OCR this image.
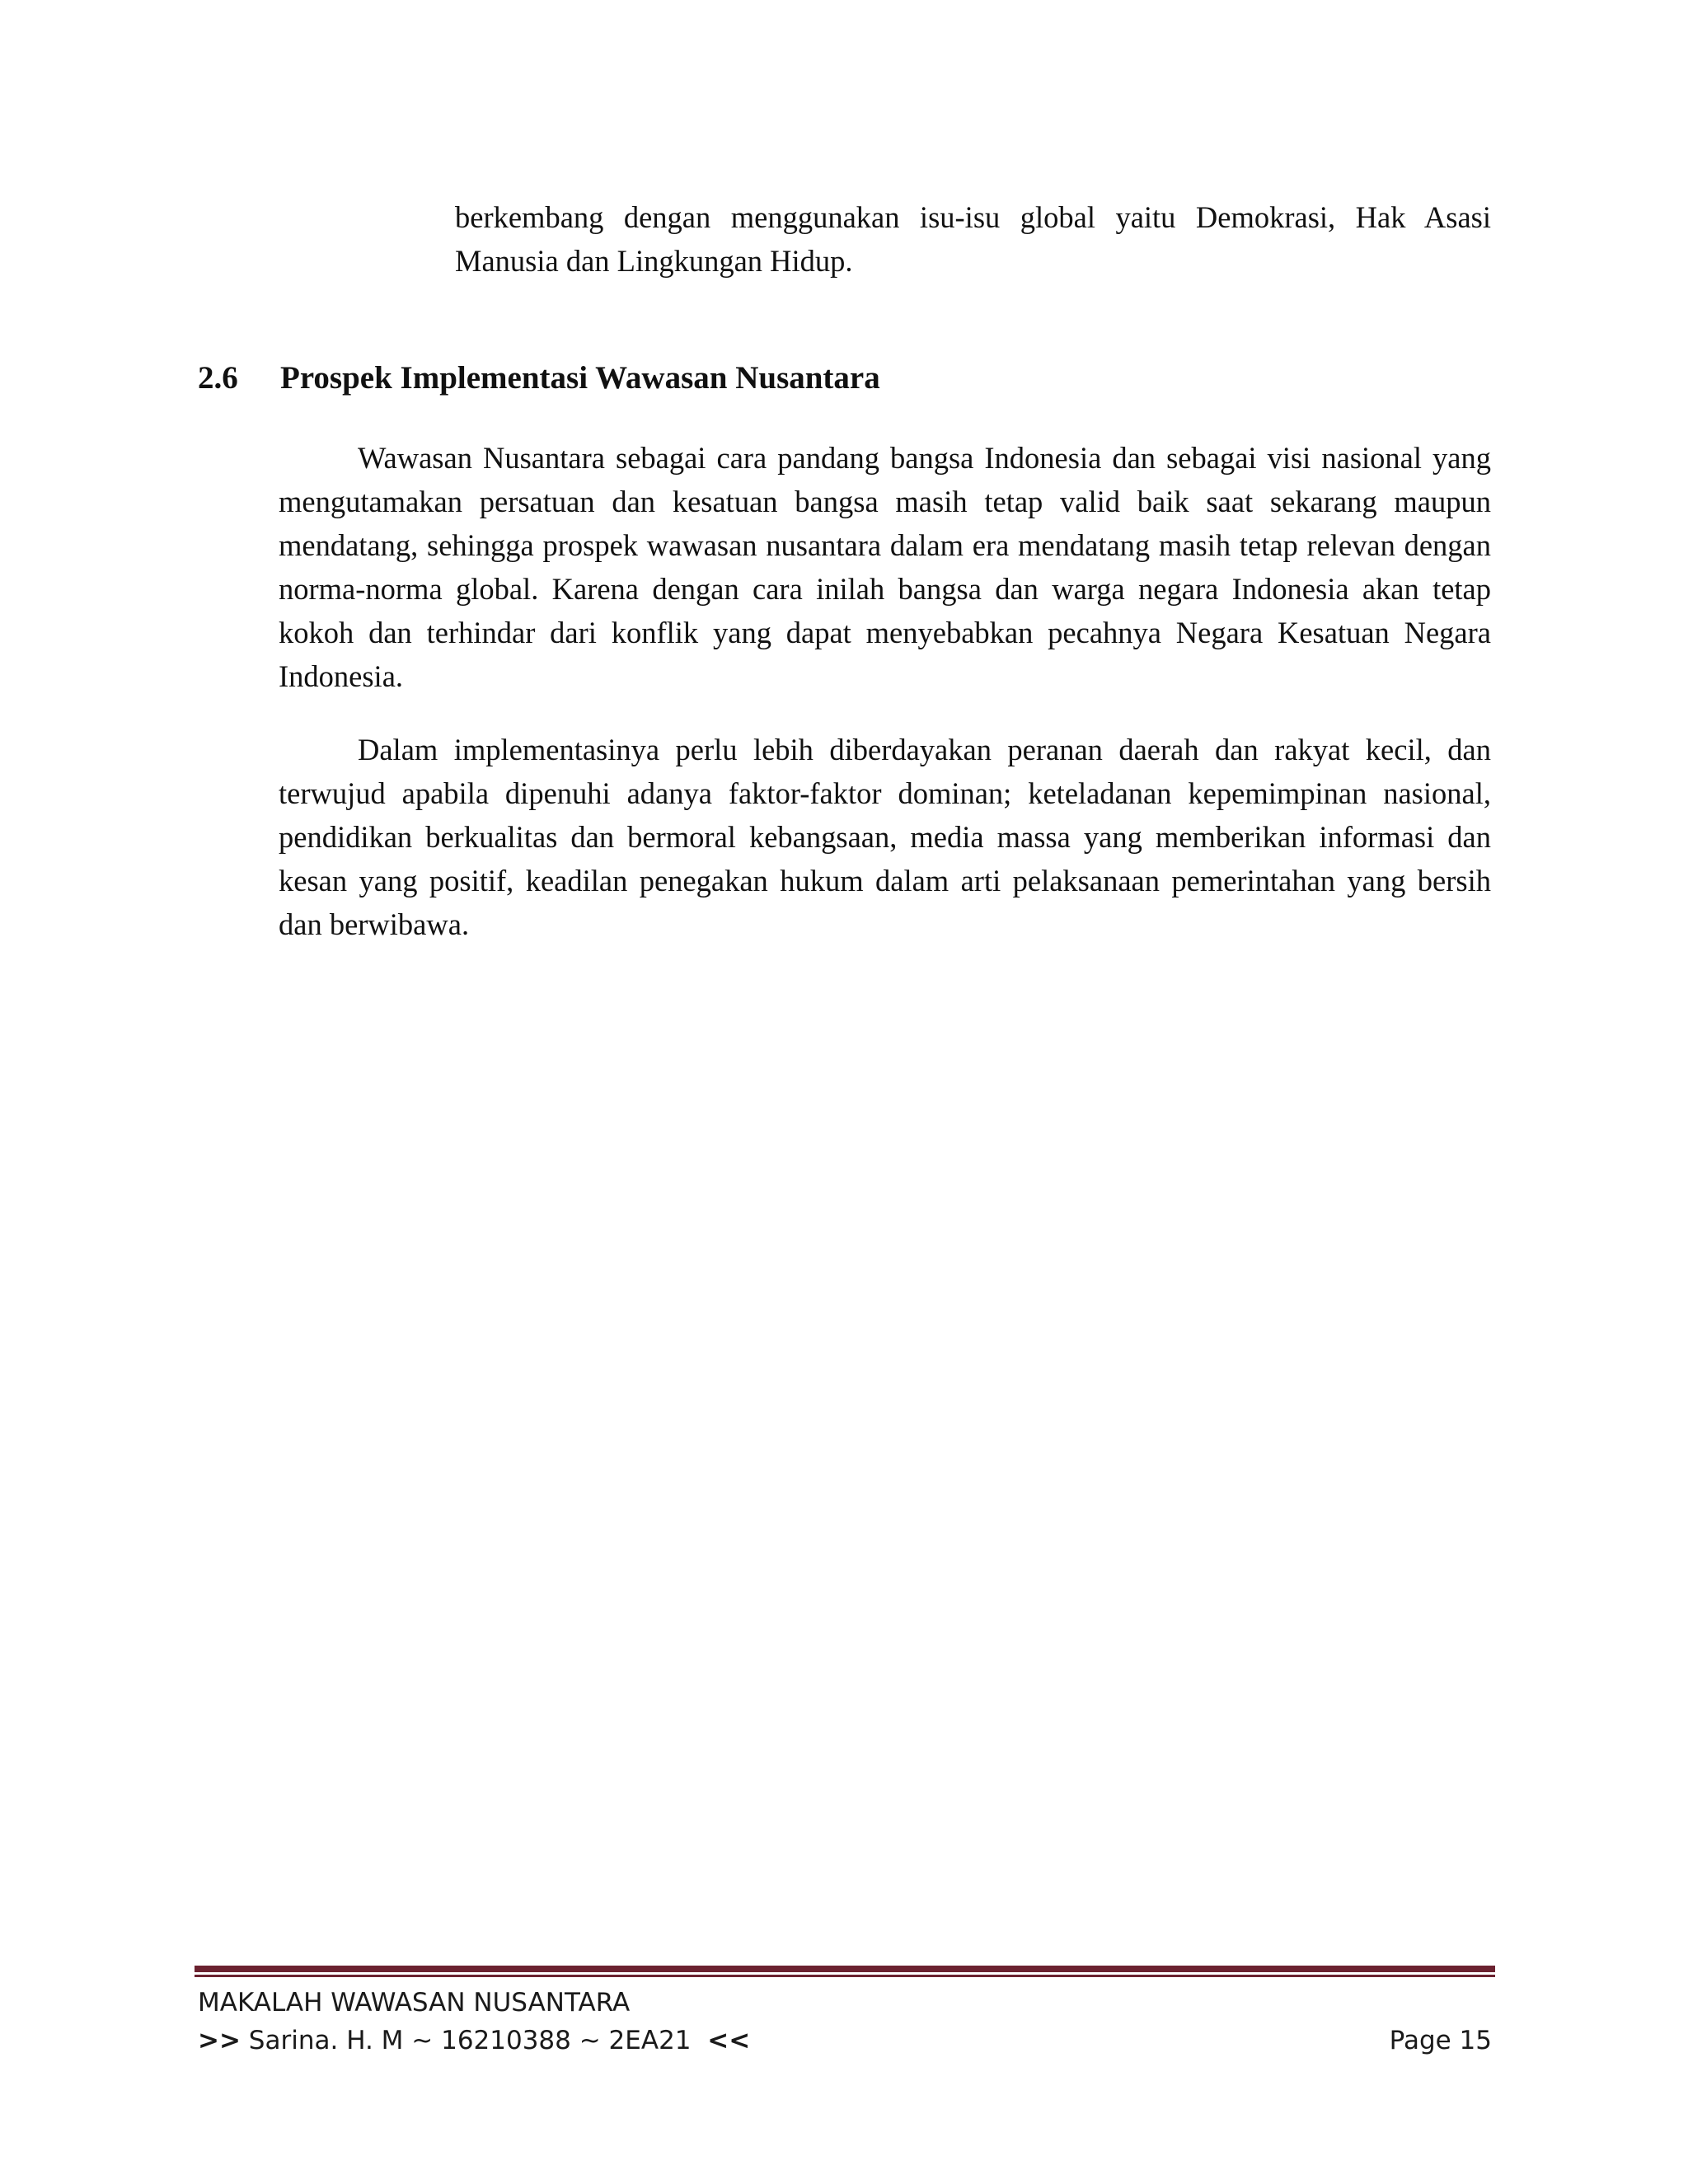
berkembang dengan menggunakan isu-isu global yaitu Demokrasi, Hak Asasi Manusia dan Lingkungan Hidup.

2.6 Prospek Implementasi Wawasan Nusantara

Wawasan Nusantara sebagai cara pandang bangsa Indonesia dan sebagai visi nasional yang mengutamakan persatuan dan kesatuan bangsa masih tetap valid baik saat sekarang maupun mendatang, sehingga prospek wawasan nusantara dalam era mendatang masih tetap relevan dengan norma-norma global. Karena dengan cara inilah bangsa dan warga negara Indonesia akan tetap kokoh dan terhindar dari konflik yang dapat menyebabkan pecahnya Negara Kesatuan Negara Indonesia.

Dalam implementasinya perlu lebih diberdayakan peranan daerah dan rakyat kecil, dan terwujud apabila dipenuhi adanya faktor-faktor dominan; keteladanan kepemimpinan nasional, pendidikan berkualitas dan bermoral kebangsaan, media massa yang memberikan informasi dan kesan yang positif, keadilan penegakan hukum dalam arti pelaksanaan pemerintahan yang bersih dan berwibawa.

MAKALAH WAWASAN NUSANTARA
>> Sarina. H. M ~ 16210388 ~ 2EA21  <<	Page 15
